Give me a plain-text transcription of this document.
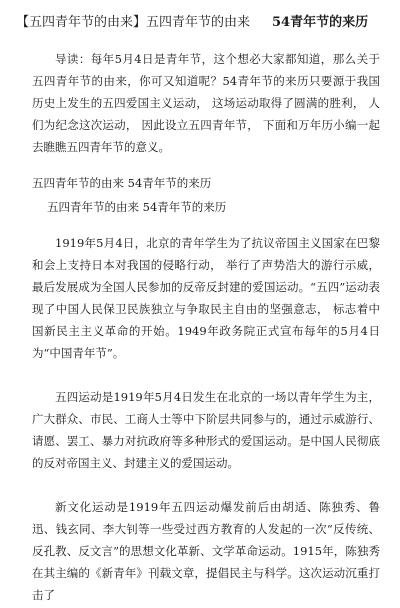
【五四青年节的由来】五四青年节的由来 54青年节的来历

导读：每年5月4日是青年节，这个想必大家都知道，那么关于五四青年节的由来，你可又知道呢？54青年节的来历只要源于我国历史上发生的五四爱国主义运动， 这场运动取得了圆满的胜利， 人们为纪念这次运动， 因此设立五四青年节， 下面和万年历小编一起去瞧瞧五四青年节的意义。

五四青年节的由来 54青年节的来历

五四青年节的由来 54青年节的来历

1919年5月4日，北京的青年学生为了抗议帝国主义国家在巴黎和会上支持日本对我国的侵略行动， 举行了声势浩大的游行示威， 最后发展成为全国人民参加的反帝反封建的爱国运动。“五四”运动表现了中国人民保卫民族独立与争取民主自由的坚强意志， 标志着中国新民主主义革命的开始。1949年政务院正式宣布每年的5月4日为“中国青年节”。

五四运动是1919年5月4日发生在北京的一场以青年学生为主，广大群众、市民、工商人士等中下阶层共同参与的，通过示威游行、请愿、罢工、暴力对抗政府等多种形式的爱国运动。是中国人民彻底的反对帝国主义、封建主义的爱国运动。

新文化运动是1919年五四运动爆发前后由胡适、陈独秀、鲁迅、钱玄同、李大钊等一些受过西方教育的人发起的一次“反传统、反孔教、反文言”的思想文化革新、文学革命运动。1915年，陈独秀在其主编的《新青年》刊载文章，提倡民主与科学。这次运动沉重打击了
